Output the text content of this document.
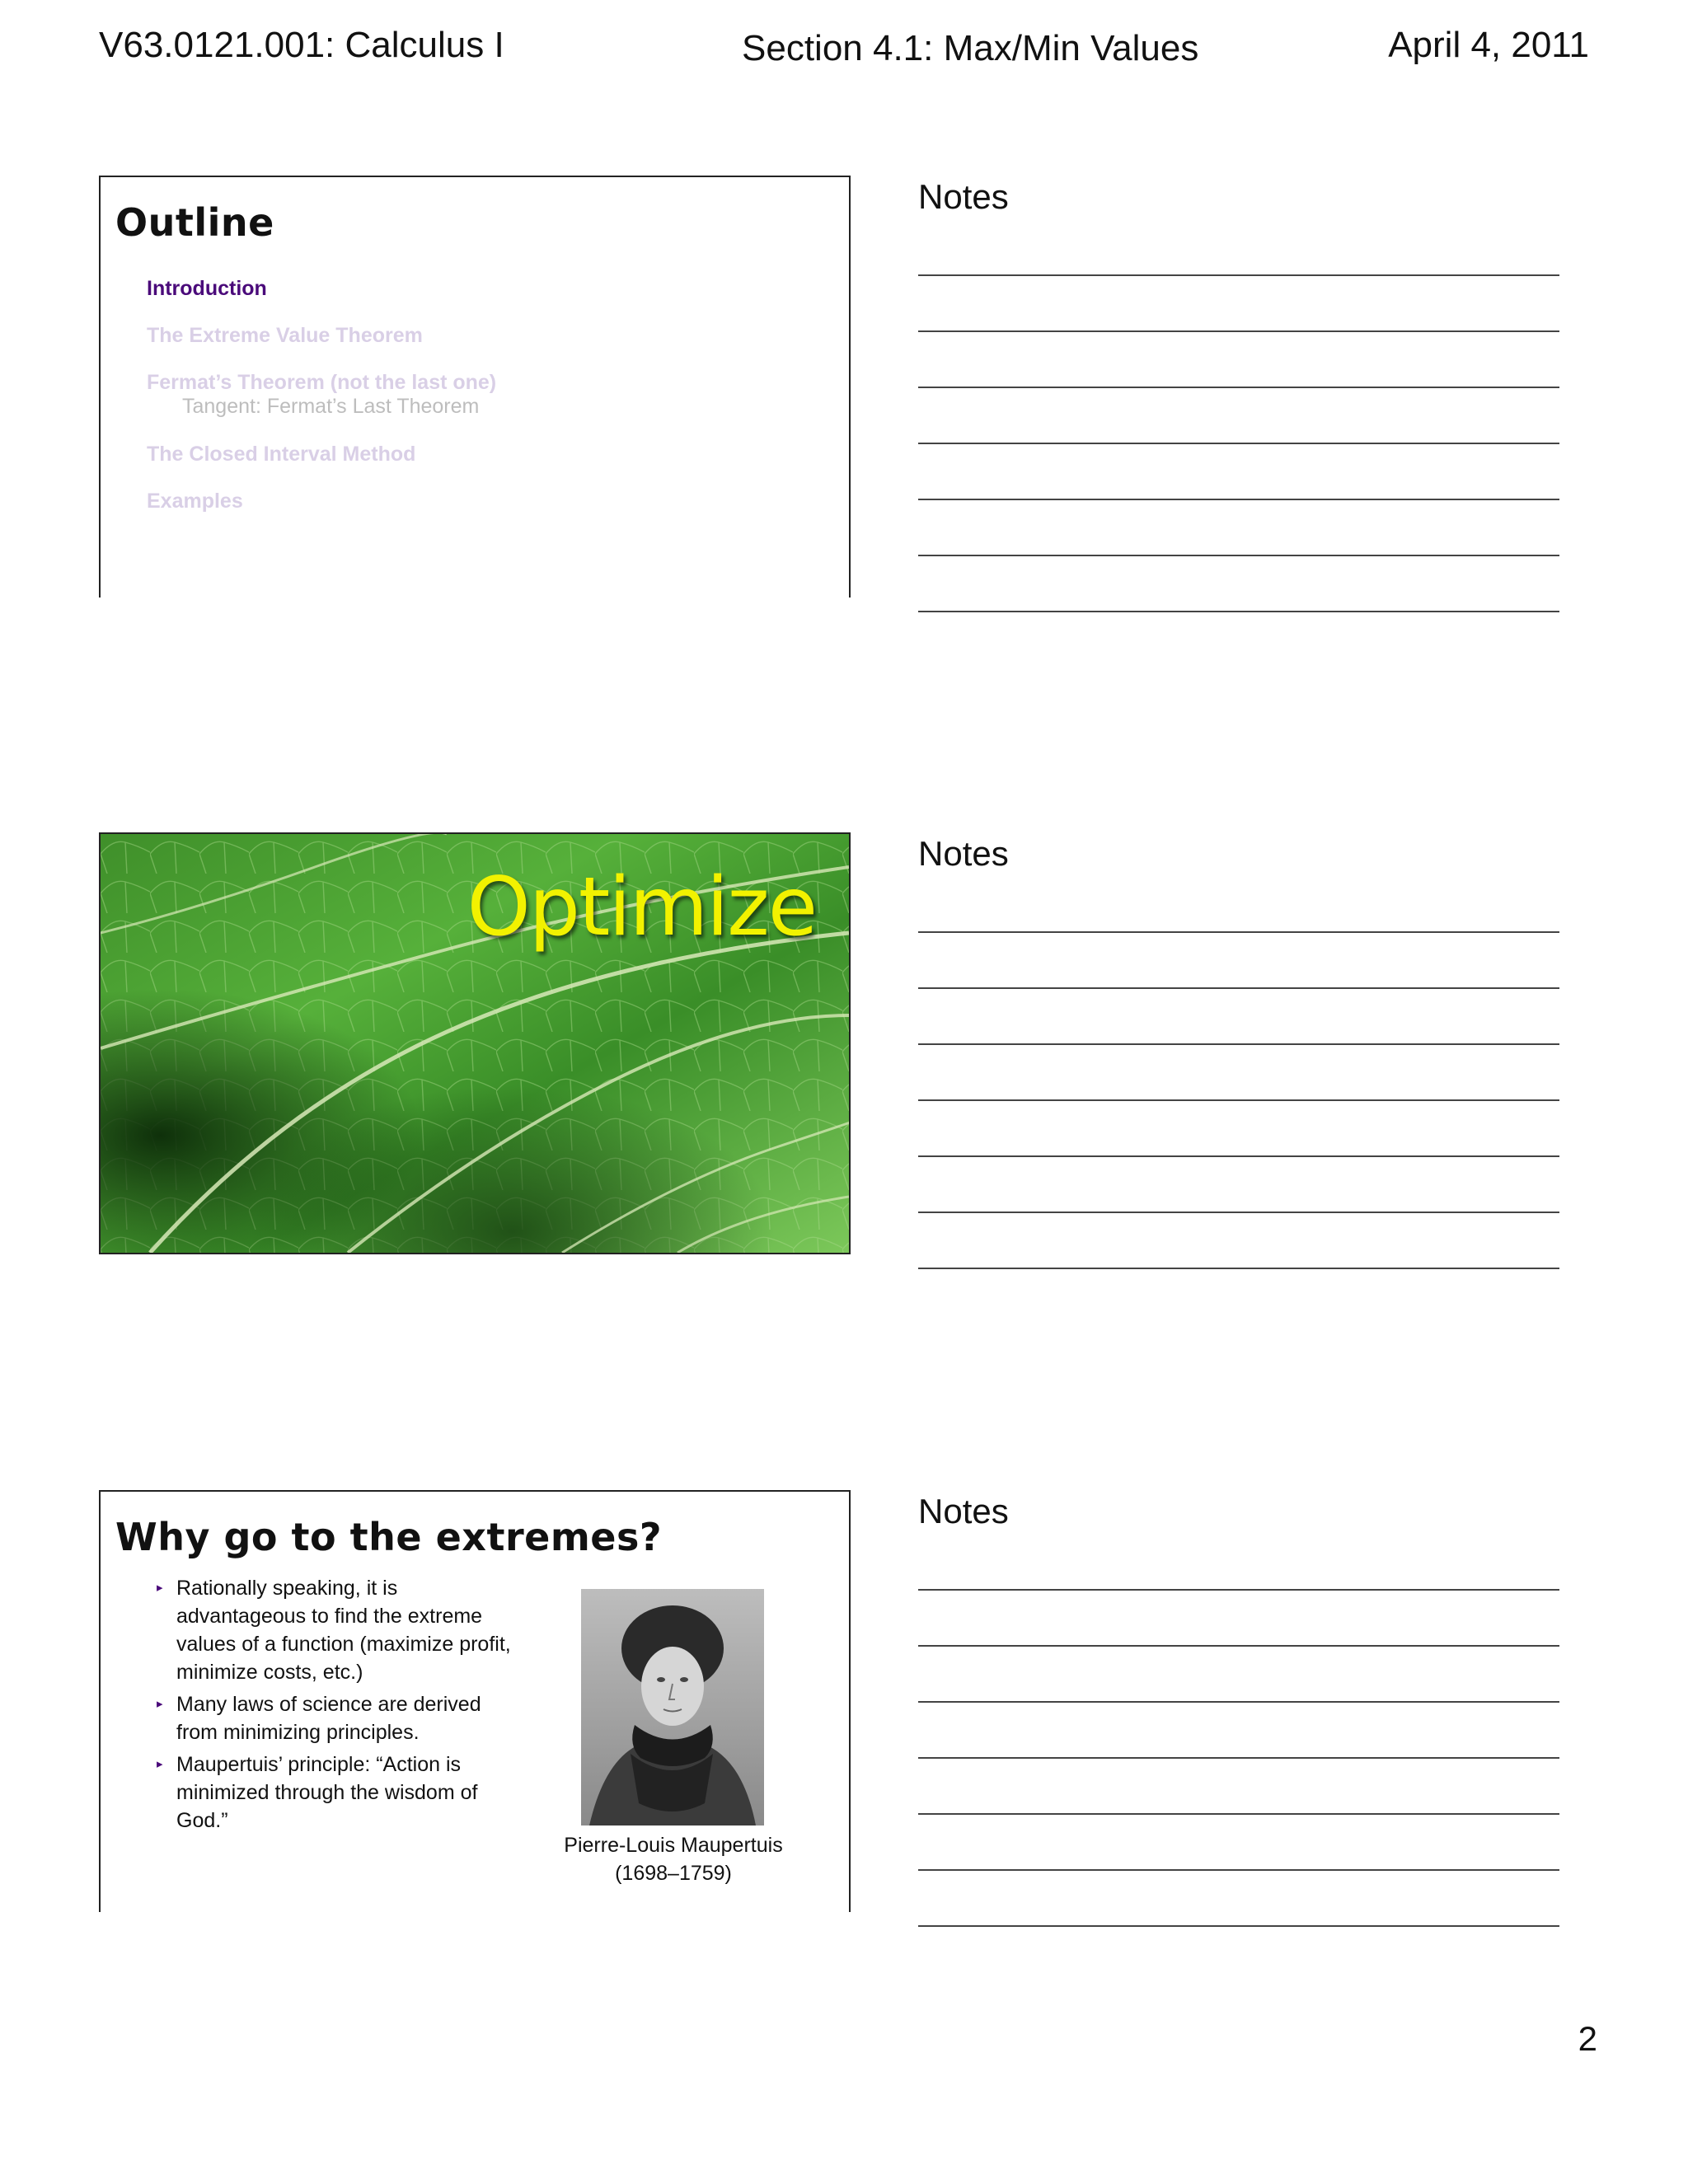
V63.0121.001: Calculus I	Section 4.1: Max/Min Values	April 4, 2011
Outline
Introduction
The Extreme Value Theorem
Fermat’s Theorem (not the last one)
Tangent: Fermat’s Last Theorem
The Closed Interval Method
Examples
Optimize
Why go to the extremes?
▸ Rationally speaking, it is advantageous to find the extreme values of a function (maximize profit, minimize costs, etc.)
▸ Many laws of science are derived from minimizing principles.
▸ Maupertuis’ principle: “Action is minimized through the wisdom of God.”
Pierre-Louis Maupertuis
(1698–1759)
Notes
Notes
Notes
2
